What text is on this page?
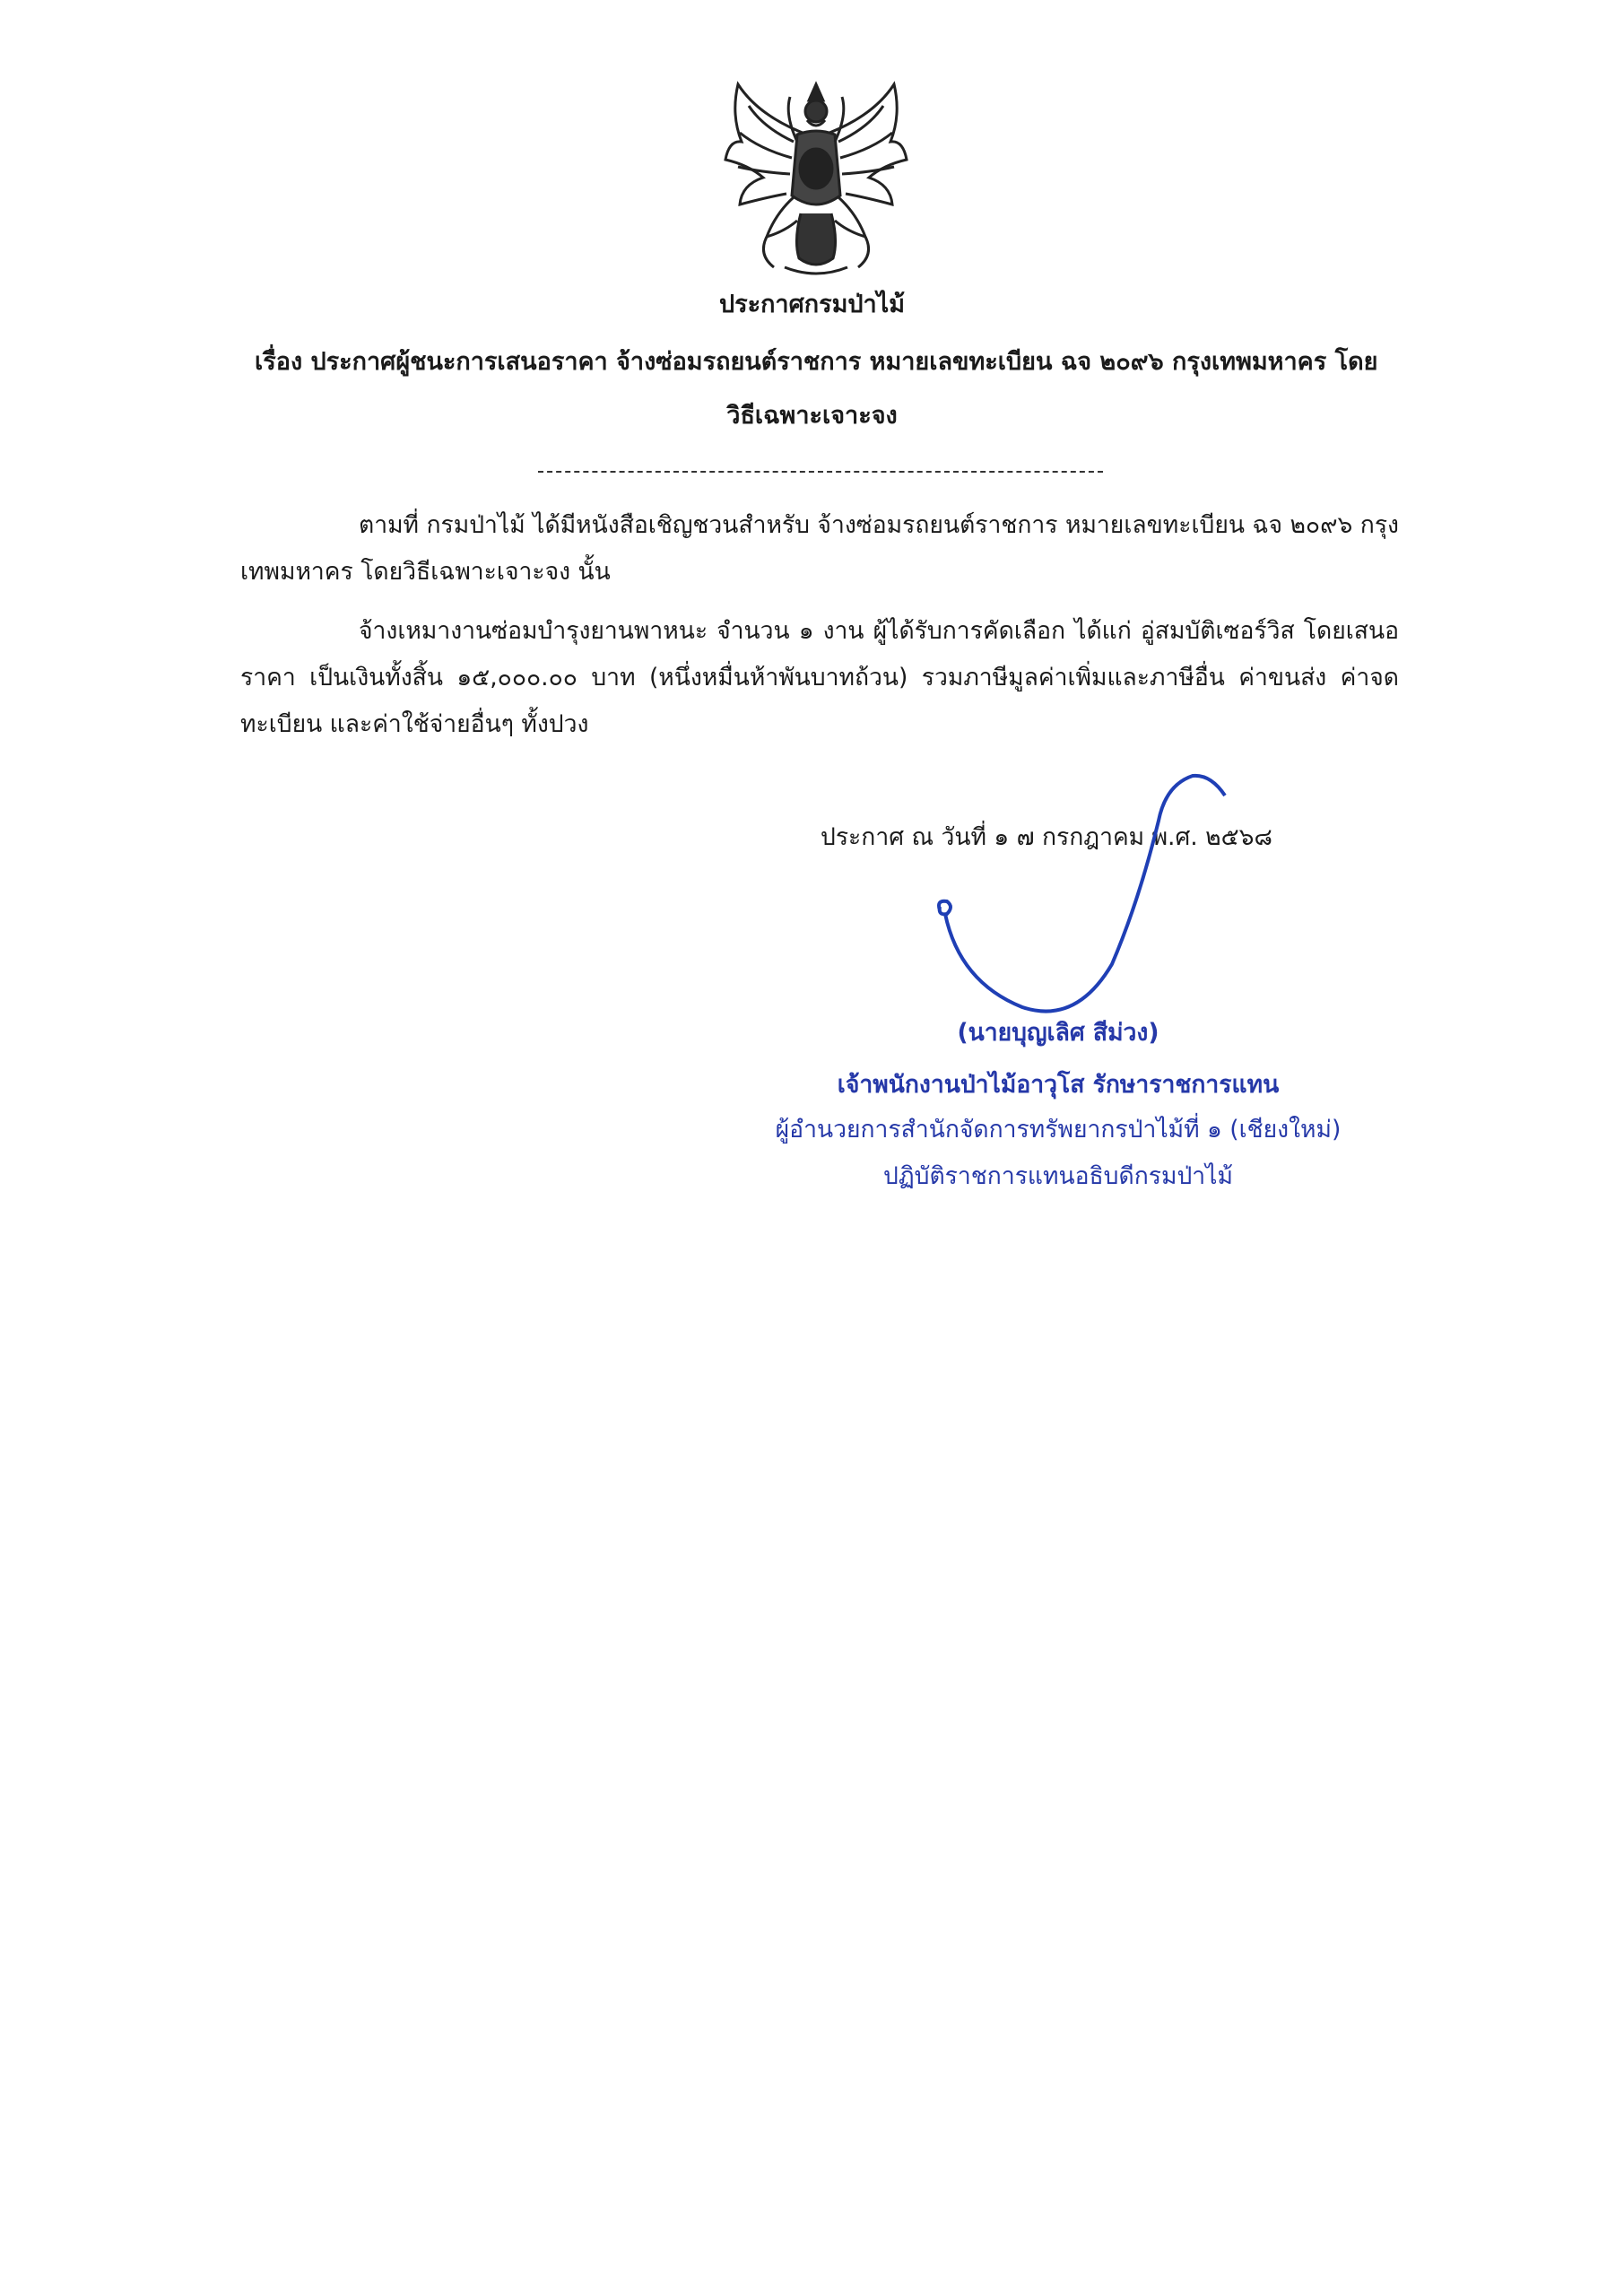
ประกาศกรมป่าไม้
เรื่อง ประกาศผู้ชนะการเสนอราคา จ้างซ่อมรถยนต์ราชการ หมายเลขทะเบียน ฉจ ๒๐๙๖ กรุงเทพมหาคร โดย
วิธีเฉพาะเจาะจง
ตามที่ กรมป่าไม้ ได้มีหนังสือเชิญชวนสำหรับ จ้างซ่อมรถยนต์ราชการ หมายเลขทะเบียน ฉจ ๒๐๙๖ กรุงเทพมหาคร โดยวิธีเฉพาะเจาะจง นั้น
จ้างเหมางานซ่อมบำรุงยานพาหนะ จำนวน ๑ งาน ผู้ได้รับการคัดเลือก ได้แก่ อู่สมบัติเซอร์วิส โดยเสนอราคา เป็นเงินทั้งสิ้น ๑๕,๐๐๐.๐๐ บาท (หนึ่งหมื่นห้าพันบาทถ้วน) รวมภาษีมูลค่าเพิ่มและภาษีอื่น ค่าขนส่ง ค่าจดทะเบียน และค่าใช้จ่ายอื่นๆ ทั้งปวง
ประกาศ ณ วันที่ ๑ ๗ กรกฎาคม พ.ศ. ๒๕๖๘
(นายบุญเลิศ สีม่วง)
เจ้าพนักงานป่าไม้อาวุโส รักษาราชการแทน
ผู้อำนวยการสำนักจัดการทรัพยากรป่าไม้ที่ ๑ (เชียงใหม่)
ปฏิบัติราชการแทนอธิบดีกรมป่าไม้
